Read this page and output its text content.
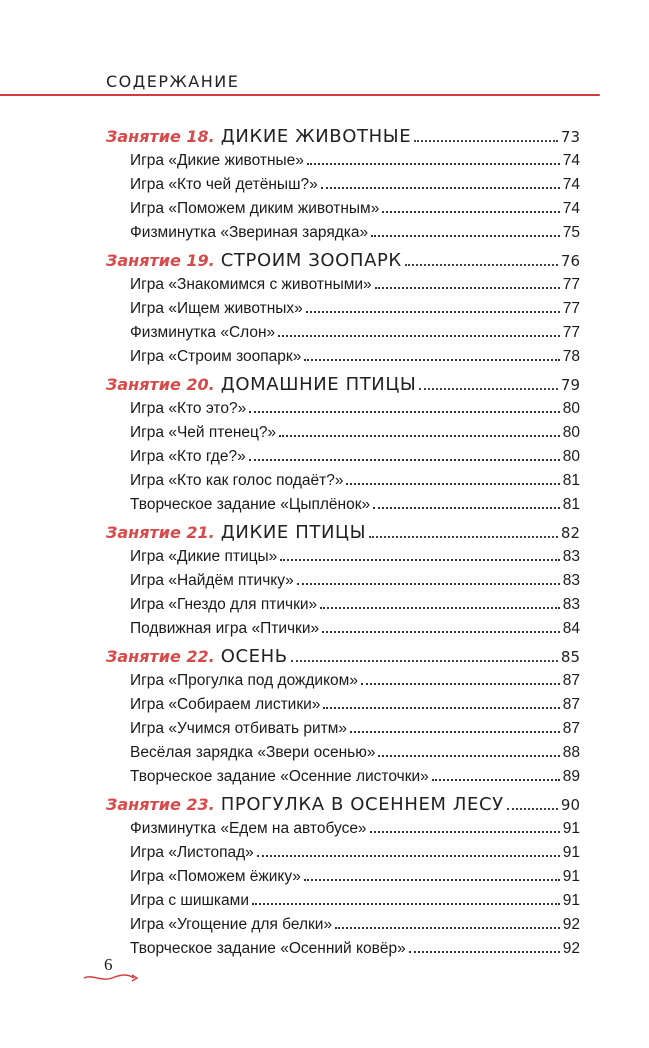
СОДЕРЖАНИЕ
Занятие 18. ДИКИЕ ЖИВОТНЫЕ	73
Игра «Дикие животные»	74
Игра «Кто чей детёныш?»	74
Игра «Поможем диким животным»	74
Физминутка «Звериная зарядка»	75
Занятие 19. СТРОИМ ЗООПАРК	76
Игра «Знакомимся с животными»	77
Игра «Ищем животных»	77
Физминутка «Слон»	77
Игра «Строим зоопарк»	78
Занятие 20. ДОМАШНИЕ ПТИЦЫ	79
Игра «Кто это?»	80
Игра «Чей птенец?»	80
Игра «Кто где?»	80
Игра «Кто как голос подаёт?»	81
Творческое задание «Цыплёнок»	81
Занятие 21. ДИКИЕ ПТИЦЫ	82
Игра «Дикие птицы»	83
Игра «Найдём птичку»	83
Игра «Гнездо для птички»	83
Подвижная игра «Птички»	84
Занятие 22. ОСЕНЬ	85
Игра «Прогулка под дождиком»	87
Игра «Собираем листики»	87
Игра «Учимся отбивать ритм»	87
Весёлая зарядка «Звери осенью»	88
Творческое задание «Осенние листочки»	89
Занятие 23. ПРОГУЛКА В ОСЕННЕМ ЛЕСУ	90
Физминутка «Едем на автобусе»	91
Игра «Листопад»	91
Игра «Поможем ёжику»	91
Игра с шишками	91
Игра «Угощение для белки»	92
Творческое задание «Осенний ковёр»	92
6
